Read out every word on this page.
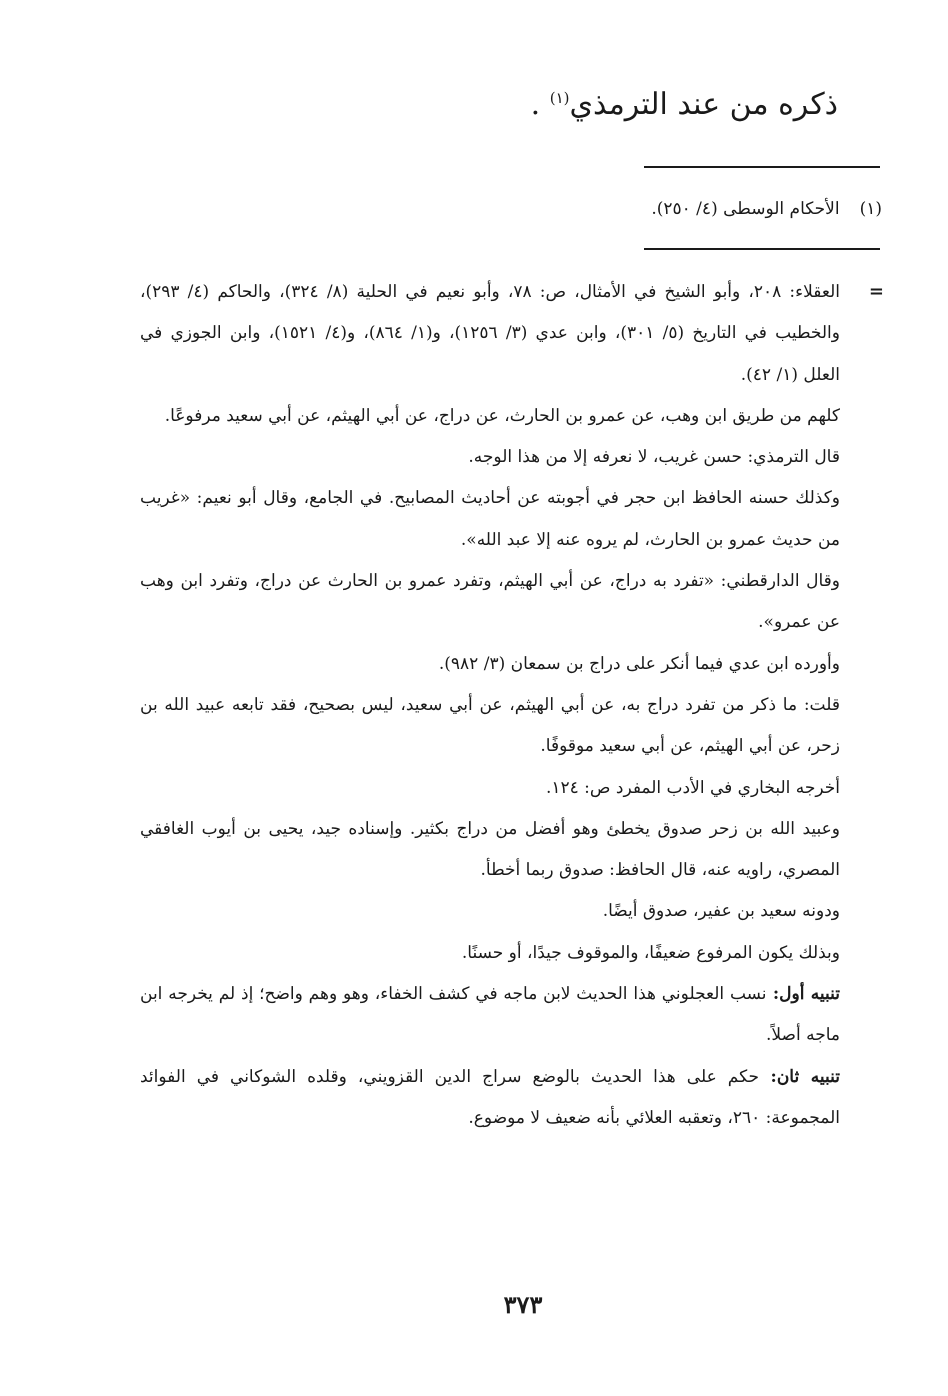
ذكره من عند الترمذي$^{(١)}$ .
(١)الأحكام الوسطى (٤/ ٢٥٠).
=

العقلاء: ٢٠٨، وأبو الشيخ في الأمثال، ص: ٧٨، وأبو نعيم في الحلية (٨/ ٣٢٤)، والحاكم (٤/ ٢٩٣)، والخطيب في التاريخ (٥/ ٣٠١)، وابن عدي (٣/ ١٢٥٦)، و(١/ ٨٦٤)، و(٤/ ١٥٢١)، وابن الجوزي في العلل (١/ ٤٢).

كلهم من طريق ابن وهب، عن عمرو بن الحارث، عن دراج، عن أبي الهيثم، عن أبي سعيد مرفوعًا.

قال الترمذي: حسن غريب، لا نعرفه إلا من هذا الوجه.

وكذلك حسنه الحافظ ابن حجر في أجوبته عن أحاديث المصابيح. في الجامع، وقال أبو نعيم: «غريب من حديث عمرو بن الحارث، لم يروه عنه إلا عبد الله».

وقال الدارقطني: «تفرد به دراج، عن أبي الهيثم، وتفرد عمرو بن الحارث عن دراج، وتفرد ابن وهب عن عمرو».

وأورده ابن عدي فيما أنكر على دراج بن سمعان (٣/ ٩٨٢).

قلت: ما ذكر من تفرد دراج به، عن أبي الهيثم، عن أبي سعيد، ليس بصحيح، فقد تابعه عبيد الله بن زحر، عن أبي الهيثم، عن أبي سعيد موقوفًا.

أخرجه البخاري في الأدب المفرد ص: ١٢٤.

وعبيد الله بن زحر صدوق يخطئ وهو أفضل من دراج بكثير. وإسناده جيد، يحيى بن أيوب الغافقي المصري، راويه عنه، قال الحافظ: صدوق ربما أخطأ.

ودونه سعيد بن عفير، صدوق أيضًا.

وبذلك يكون المرفوع ضعيفًا، والموقوف جيدًا، أو حسنًا.

تنبيه أول: نسب العجلوني هذا الحديث لابن ماجه في كشف الخفاء، وهو وهم واضح؛ إذ لم يخرجه ابن ماجه أصلاً.

تنبيه ثان: حكم على هذا الحديث بالوضع سراج الدين القزويني، وقلده الشوكاني في الفوائد المجموعة: ٢٦٠، وتعقبه العلائي بأنه ضعيف لا موضوع.

٣٧٣
